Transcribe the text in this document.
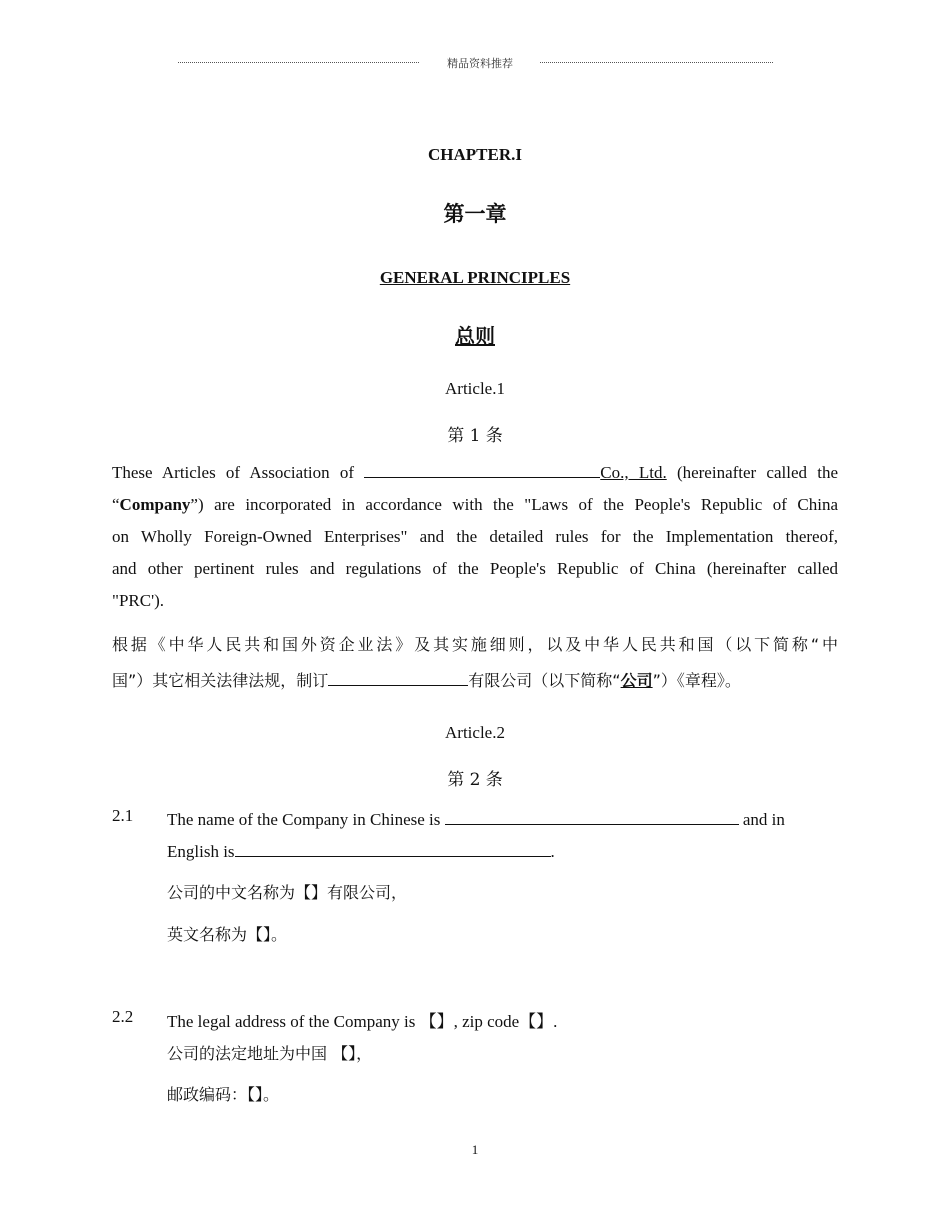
精品资料推荐
CHAPTER.I
第一章
GENERAL PRINCIPLES
总则
Article.1
第 1 条
These Articles of Association of	Co., Ltd. (hereinafter called the
“Company”) are incorporated in accordance with the "Laws of the People's Republic of China
on Wholly Foreign-Owned Enterprises" and the detailed rules for the Implementation thereof,
and other pertinent rules and regulations of the People's Republic of China (hereinafter called
"PRC').
根据《中华人民共和国外资企业法》及其实施细则，以及中华人民共和国（以下简称“中
国”）其它相关法律法规，制订	有限公司（以下简称“公司”）《章程》。
Article.2
第 2 条
2.1 The name of the Company in Chinese is	and in
English is	.
公司的中文名称为【】有限公司，
英文名称为【】。
2.2 The legal address of the Company is 【】, zip code【】.
公司的法定地址为中国 【】，
邮政编码：【】。
1
